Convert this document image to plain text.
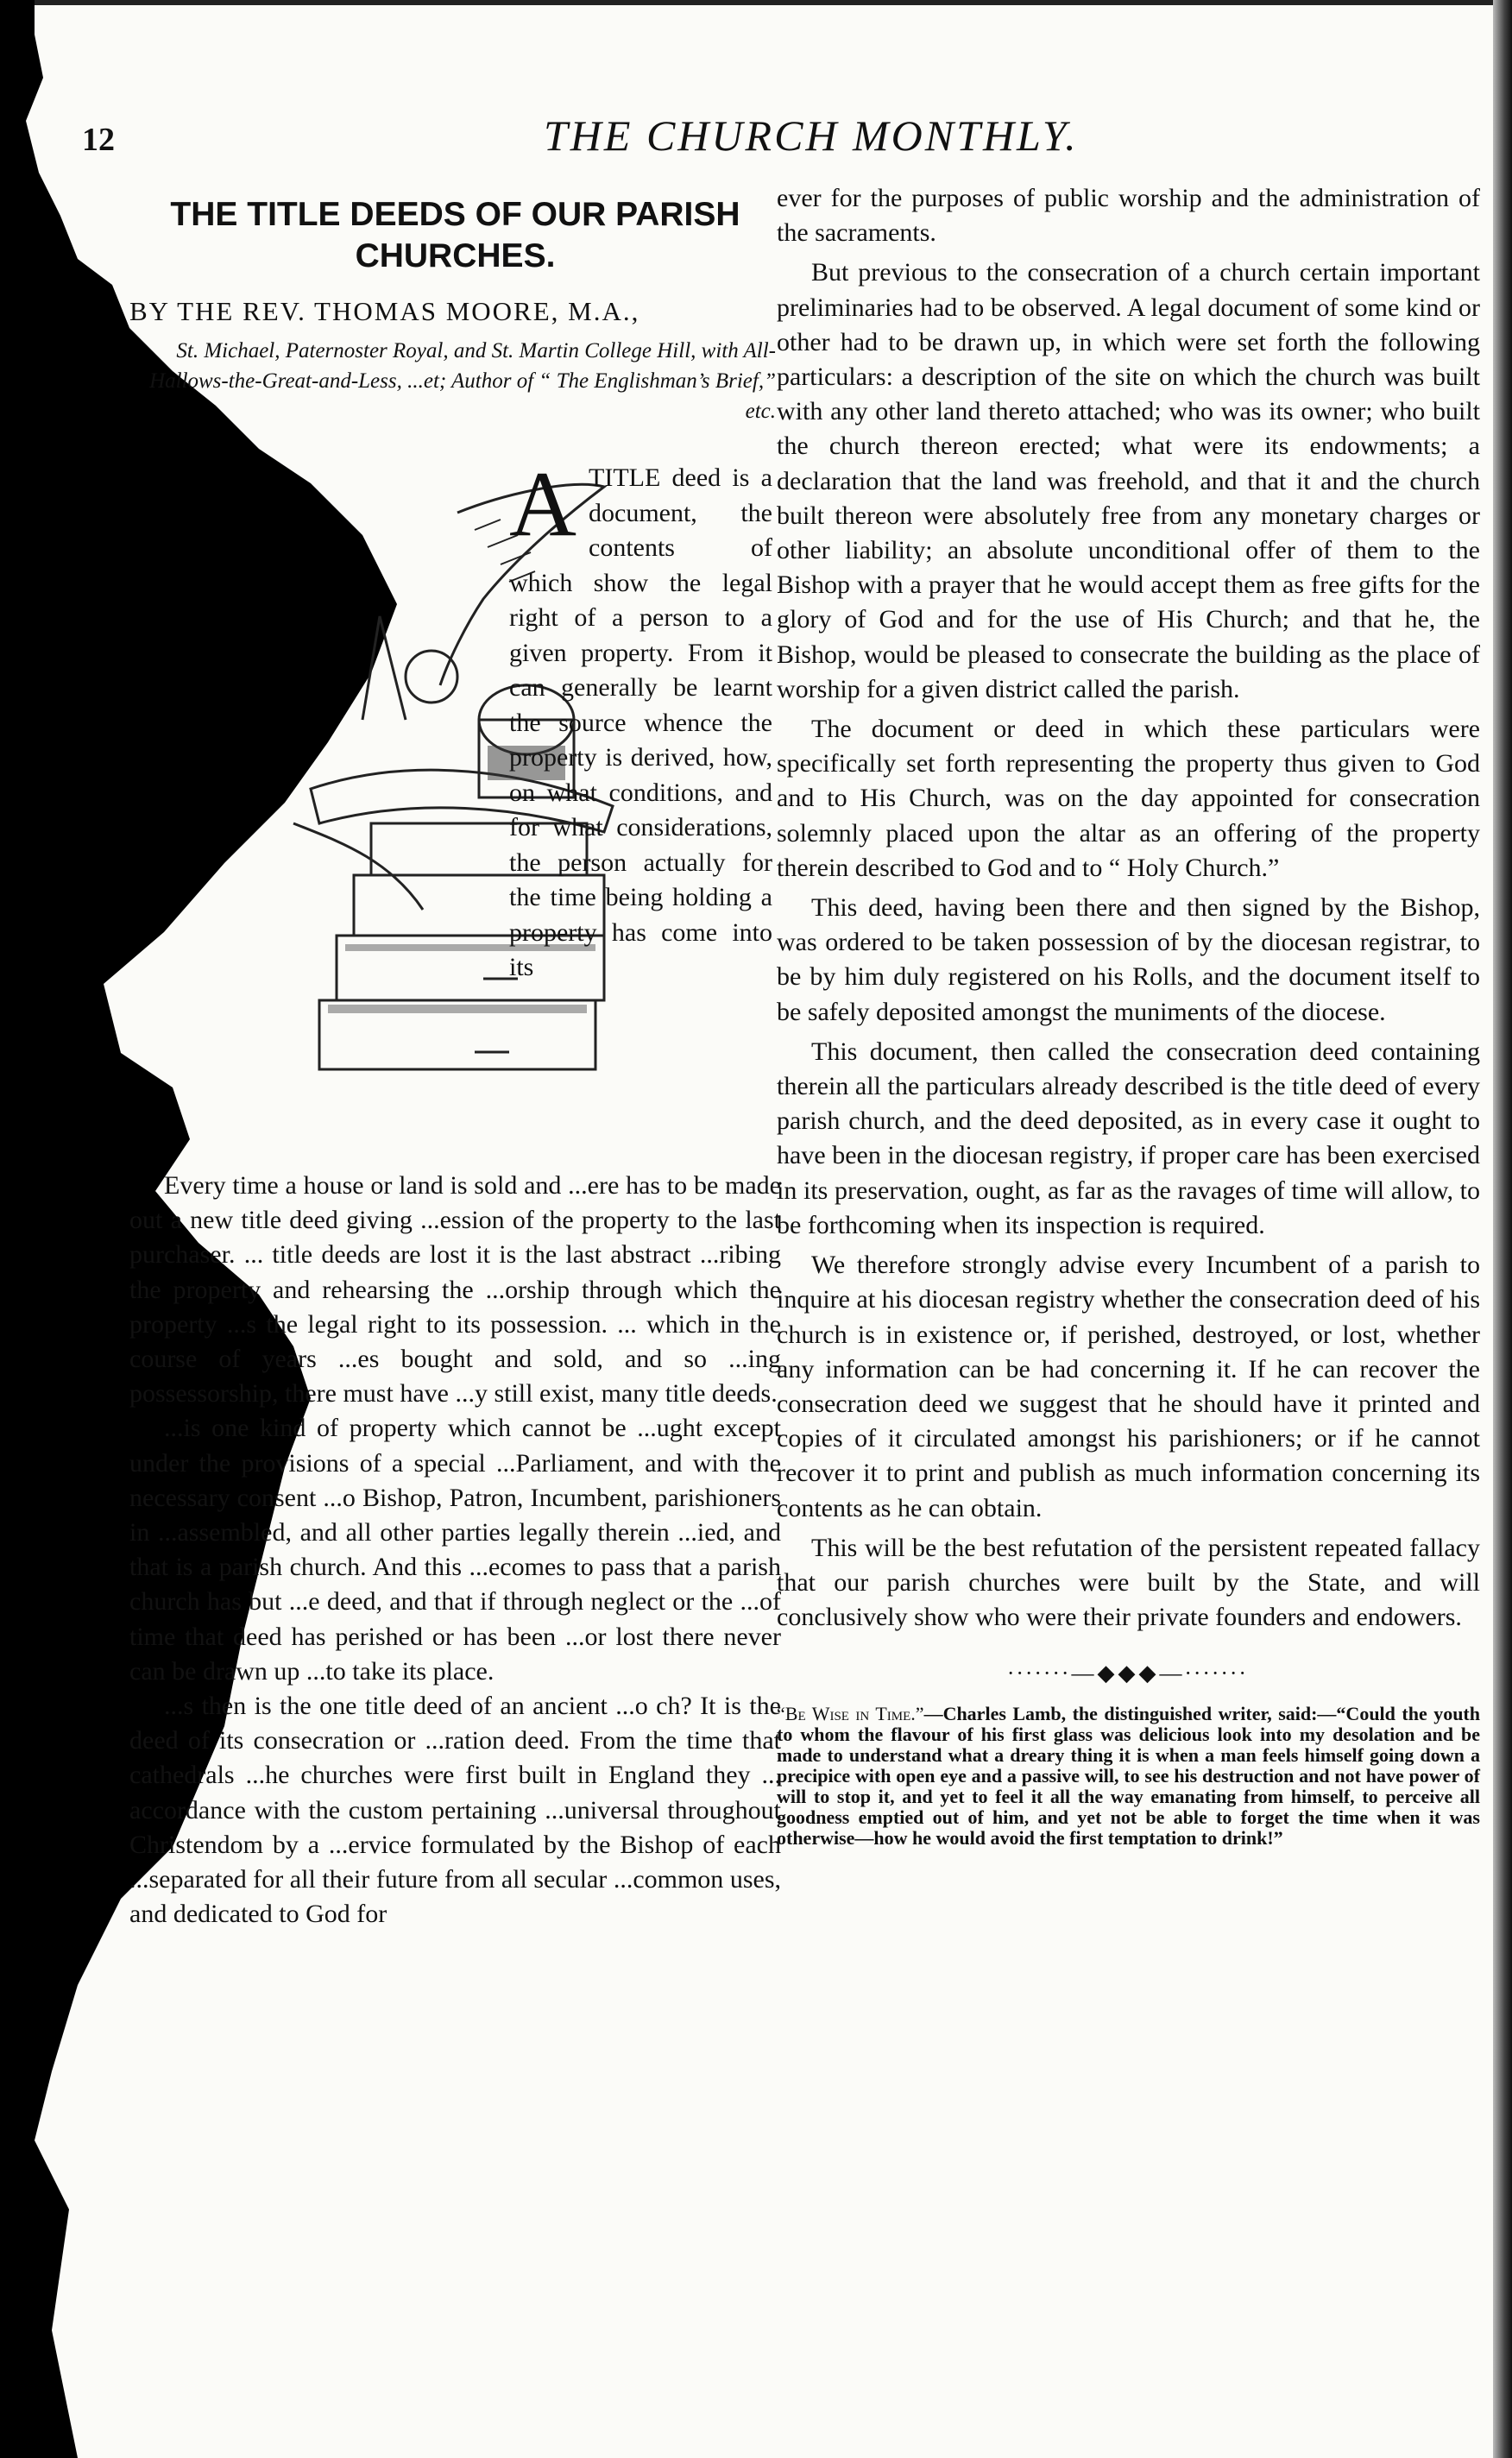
12	THE CHURCH MONTHLY.
THE TITLE DEEDS OF OUR PARISH CHURCHES.
BY THE REV. THOMAS MOORE, M.A.,
St. Michael, Paternoster Royal, and St. Martin College Hill, with All-Hallows-the-Great-and-Less, ...et; Author of “ The Englishman’s Brief,” etc.
A TITLE deed is a document, the contents of which show the legal right of a person to a given property. From it can generally be learnt the source whence the property is derived, how, on what conditions, and for what considerations, the person actually for the time being holding a property has come into its

Every time a house or land is sold and ...ere has to be made out a new title deed giving ...ession of the property to the last purchaser. ... title deeds are lost it is the last abstract ...ribing the property and rehearsing the ...orship through which the property ...s the legal right to its possession. ... which in the course of years ...es bought and sold, and so ...ing possessorship, there must have ...y still exist, many title deeds.

...is one kind of property which cannot be ...ught except under the provisions of a special ...Parliament, and with the necessary consent ...o Bishop, Patron, Incumbent, parishioners in ...assembled, and all other parties legally therein ...ied, and that is a parish church. And this ...ecomes to pass that a parish church has but ...e deed, and that if through neglect or the ...of time that deed has perished or has been ...or lost there never can be drawn up ...to take its place.

...s then is the one title deed of an ancient ...o ch? It is the deed of its consecration or ...ration deed. From the time that cathedrals ...he churches were first built in England they ... accordance with the custom pertaining ...universal throughout Christendom by a ...ervice formulated by the Bishop of each ...separated for all their future from all secular ...common uses, and dedicated to God for

ever for the purposes of public worship and the administration of the sacraments.

But previous to the consecration of a church certain important preliminaries had to be observed. A legal document of some kind or other had to be drawn up, in which were set forth the following particulars: a description of the site on which the church was built with any other land thereto attached; who was its owner; who built the church thereon erected; what were its endowments; a declaration that the land was freehold, and that it and the church built thereon were absolutely free from any monetary charges or other liability; an absolute unconditional offer of them to the Bishop with a prayer that he would accept them as free gifts for the glory of God and for the use of His Church; and that he, the Bishop, would be pleased to consecrate the building as the place of worship for a given district called the parish.

The document or deed in which these particulars were specifically set forth representing the property thus given to God and to His Church, was on the day appointed for consecration solemnly placed upon the altar as an offering of the property therein described to God and to “ Holy Church.”

This deed, having been there and then signed by the Bishop, was ordered to be taken possession of by the diocesan registrar, to be by him duly registered on his Rolls, and the document itself to be safely deposited amongst the muniments of the diocese.

This document, then called the consecration deed containing therein all the particulars already described is the title deed of every parish church, and the deed deposited, as in every case it ought to have been in the diocesan registry, if proper care has been exercised in its preservation, ought, as far as the ravages of time will allow, to be forthcoming when its inspection is required.

We therefore strongly advise every Incumbent of a parish to inquire at his diocesan registry whether the consecration deed of his church is in existence or, if perished, destroyed, or lost, whether any information can be had concerning it. If he can recover the consecration deed we suggest that he should have it printed and copies of it circulated amongst his parishioners; or if he cannot recover it to print and publish as much information concerning its contents as he can obtain.

This will be the best refutation of the persistent repeated fallacy that our parish churches were built by the State, and will conclusively show who were their private founders and endowers.

∙∙∙∙∙∙∙—◆◆◆—∙∙∙∙∙∙∙
“Be Wise in Time.”—Charles Lamb, the distinguished writer, said:—“Could the youth to whom the flavour of his first glass was delicious look into my desolation and be made to understand what a dreary thing it is when a man feels himself going down a precipice with open eye and a passive will, to see his destruction and not have power of will to stop it, and yet to feel it all the way emanating from himself, to perceive all goodness emptied out of him, and yet not be able to forget the time when it was otherwise—how he would avoid the first temptation to drink!”
